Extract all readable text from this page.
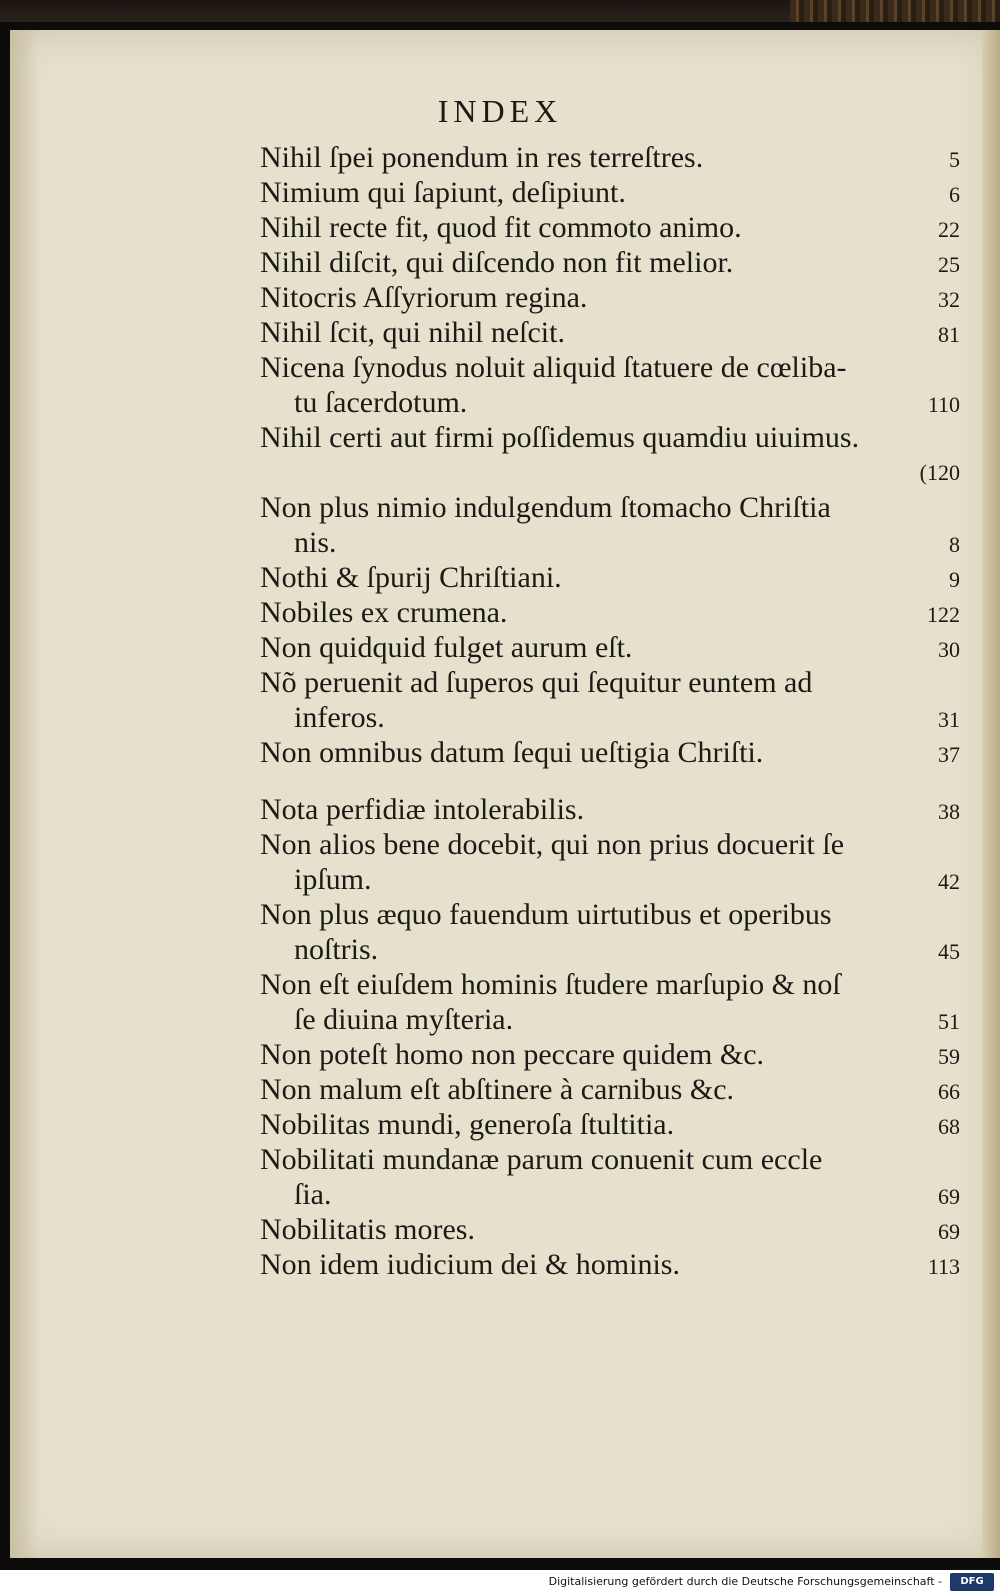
INDEX
Nihil ſpei ponendum in res terreſtres.	5
Nimium qui ſapiunt, deſipiunt.	6
Nihil recte fit, quod fit commoto animo.	22
Nihil diſcit, qui diſcendo non fit melior.	25
Nitocris Aſſyriorum regina.	32
Nihil ſcit, qui nihil neſcit.	81
Nicena ſynodus noluit aliquid ſtatuere de cœliba-
tu ſacerdotum.	110
Nihil certi aut firmi poſſidemus quamdiu uiuimus.
(120
Non plus nimio indulgendum ſtomacho Chriſtia
nis.	8
Nothi & ſpurij Chriſtiani.	9
Nobiles ex crumena.	122
Non quidquid fulget aurum eſt.	30
Nõ peruenit ad ſuperos qui ſequitur euntem ad
inferos.	31
Non omnibus datum ſequi ueſtigia Chriſti.	37
Nota perfidiæ intolerabilis.	38
Non alios bene docebit, qui non prius docuerit ſe
ipſum.	42
Non plus æquo fauendum uirtutibus et operibus
noſtris.	45
Non eſt eiuſdem hominis ſtudere marſupio & noſ
ſe diuina myſteria.	51
Non poteſt homo non peccare quidem &c.	59
Non malum eſt abſtinere à carnibus &c.	66
Nobilitas mundi, generoſa ſtultitia.	68
Nobilitati mundanæ parum conuenit cum eccle
ſia.	69
Nobilitatis mores.	69
Non idem iudicium dei & hominis.	113
Digitalisierung gefördert durch die Deutsche Forschungsgemeinschaft -	DFG
